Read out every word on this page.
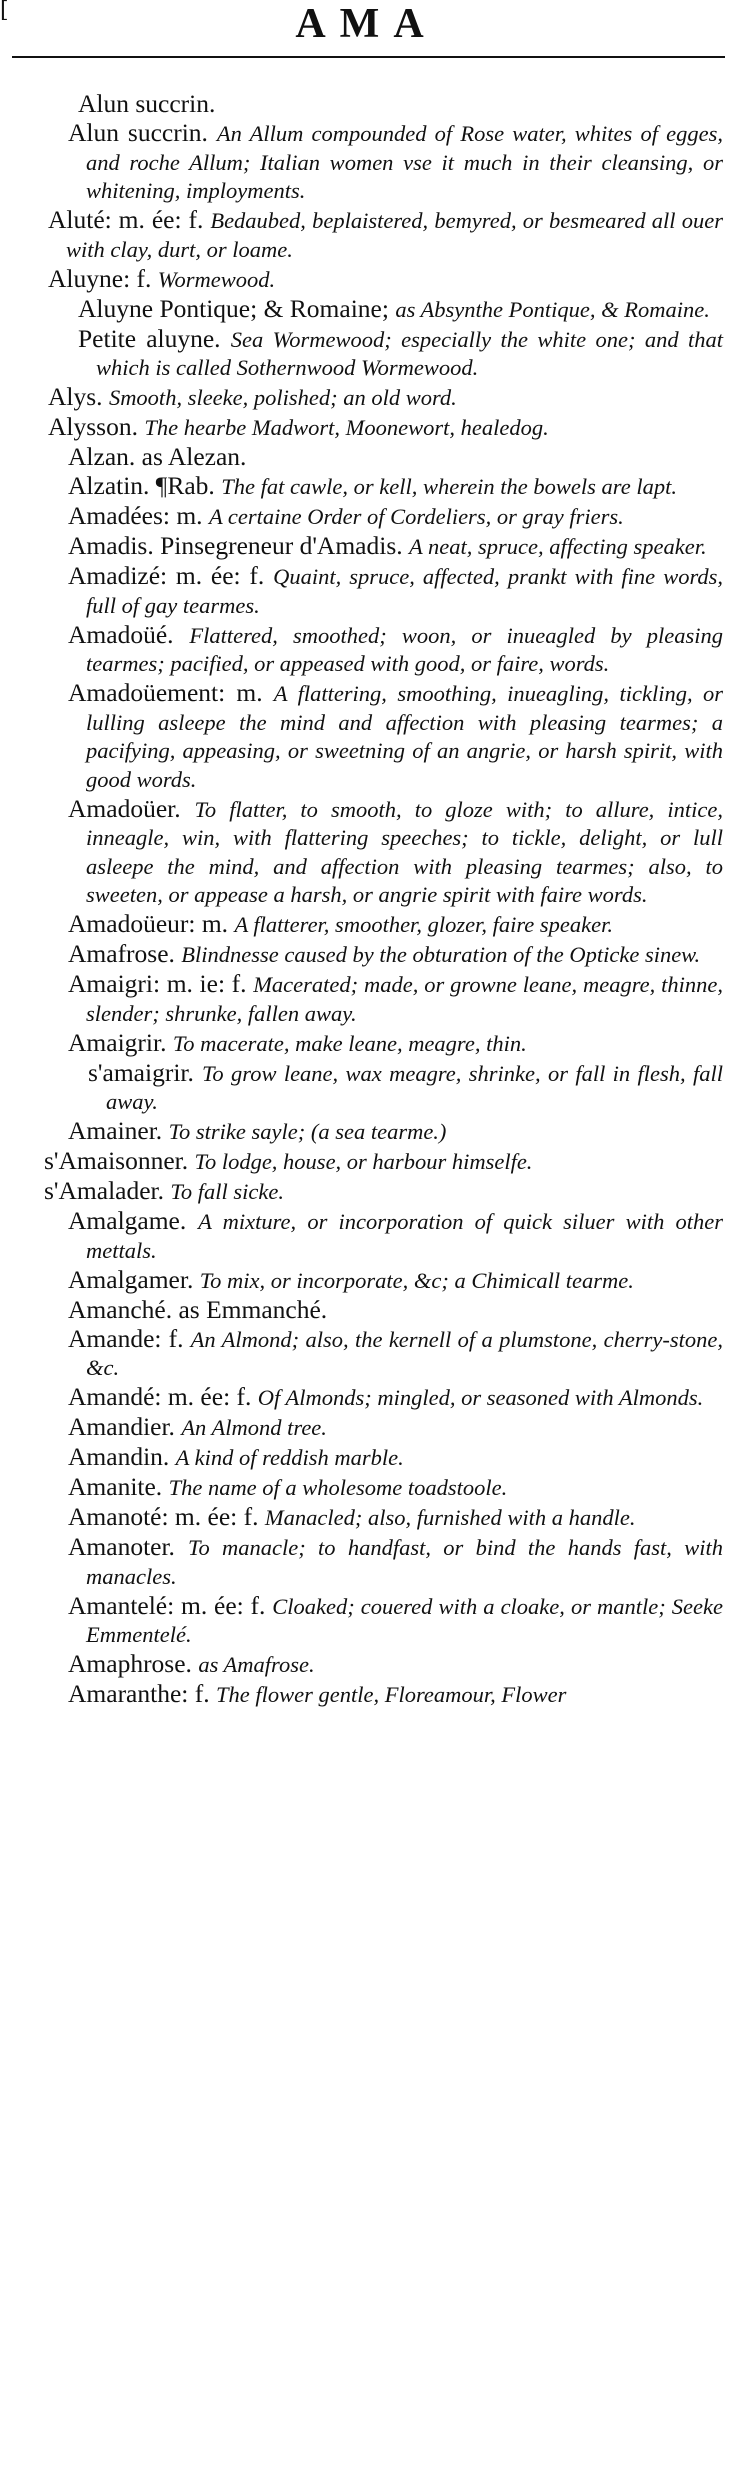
[	AMA

Alun succrin.

Alun succrin. An Allum compounded of Rose water, whites of egges, and roche Allum; Italian women vse it much in their cleansing, or whitening, imployments.

Aluté: m. ée: f. Bedaubed, beplaistered, bemyred, or besmeared all ouer with clay, durt, or loame.

Aluyne: f. Wormewood.

Aluyne Pontique; & Romaine; as Absynthe Pontique, & Romaine.

Petite aluyne. Sea Wormewood; especially the white one; and that which is called Sothernwood Wormewood.

Alys. Smooth, sleeke, polished; an old word.

Alysson. The hearbe Madwort, Moonewort, healedog.

Alzan. as Alezan.

Alzatin. ¶Rab. The fat cawle, or kell, wherein the bowels are lapt.

Amadées: m. A certaine Order of Cordeliers, or gray friers.

Amadis. Pinsegreneur d'Amadis. A neat, spruce, affecting speaker.

Amadizé: m. ée: f. Quaint, spruce, affected, prankt with fine words, full of gay tearmes.

Amadoüé. Flattered, smoothed; woon, or inueagled by pleasing tearmes; pacified, or appeased with good, or faire, words.

Amadoüement: m. A flattering, smoothing, inueagling, tickling, or lulling asleepe the mind and affection with pleasing tearmes; a pacifying, appeasing, or sweetning of an angrie, or harsh spirit, with good words.

Amadoüer. To flatter, to smooth, to gloze with; to allure, intice, inneagle, win, with flattering speeches; to tickle, delight, or lull asleepe the mind, and affection with pleasing tearmes; also, to sweeten, or appease a harsh, or angrie spirit with faire words.

Amadoüeur: m. A flatterer, smoother, glozer, faire speaker.

Amafrose. Blindnesse caused by the obturation of the Opticke sinew.

Amaigri: m. ie: f. Macerated; made, or growne leane, meagre, thinne, slender; shrunke, fallen away.

Amaigrir. To macerate, make leane, meagre, thin.

s'amaigrir. To grow leane, wax meagre, shrinke, or fall in flesh, fall away.

Amainer. To strike sayle; (a sea tearme.)

s'Amaisonner. To lodge, house, or harbour himselfe.

s'Amalader. To fall sicke.

Amalgame. A mixture, or incorporation of quick siluer with other mettals.

Amalgamer. To mix, or incorporate, &c; a Chimicall tearme.

Amanché. as Emmanché.

Amande: f. An Almond; also, the kernell of a plumstone, cherry-stone, &c.

Amandé: m. ée: f. Of Almonds; mingled, or seasoned with Almonds.

Amandier. An Almond tree.

Amandin. A kind of reddish marble.

Amanite. The name of a wholesome toadstoole.

Amanoté: m. ée: f. Manacled; also, furnished with a handle.

Amanoter. To manacle; to handfast, or bind the hands fast, with manacles.

Amantelé: m. ée: f. Cloaked; couered with a cloake, or mantle; Seeke Emmentelé.

Amaphrose. as Amafrose.

Amaranthe: f. The flower gentle, Floreamour, Flower
